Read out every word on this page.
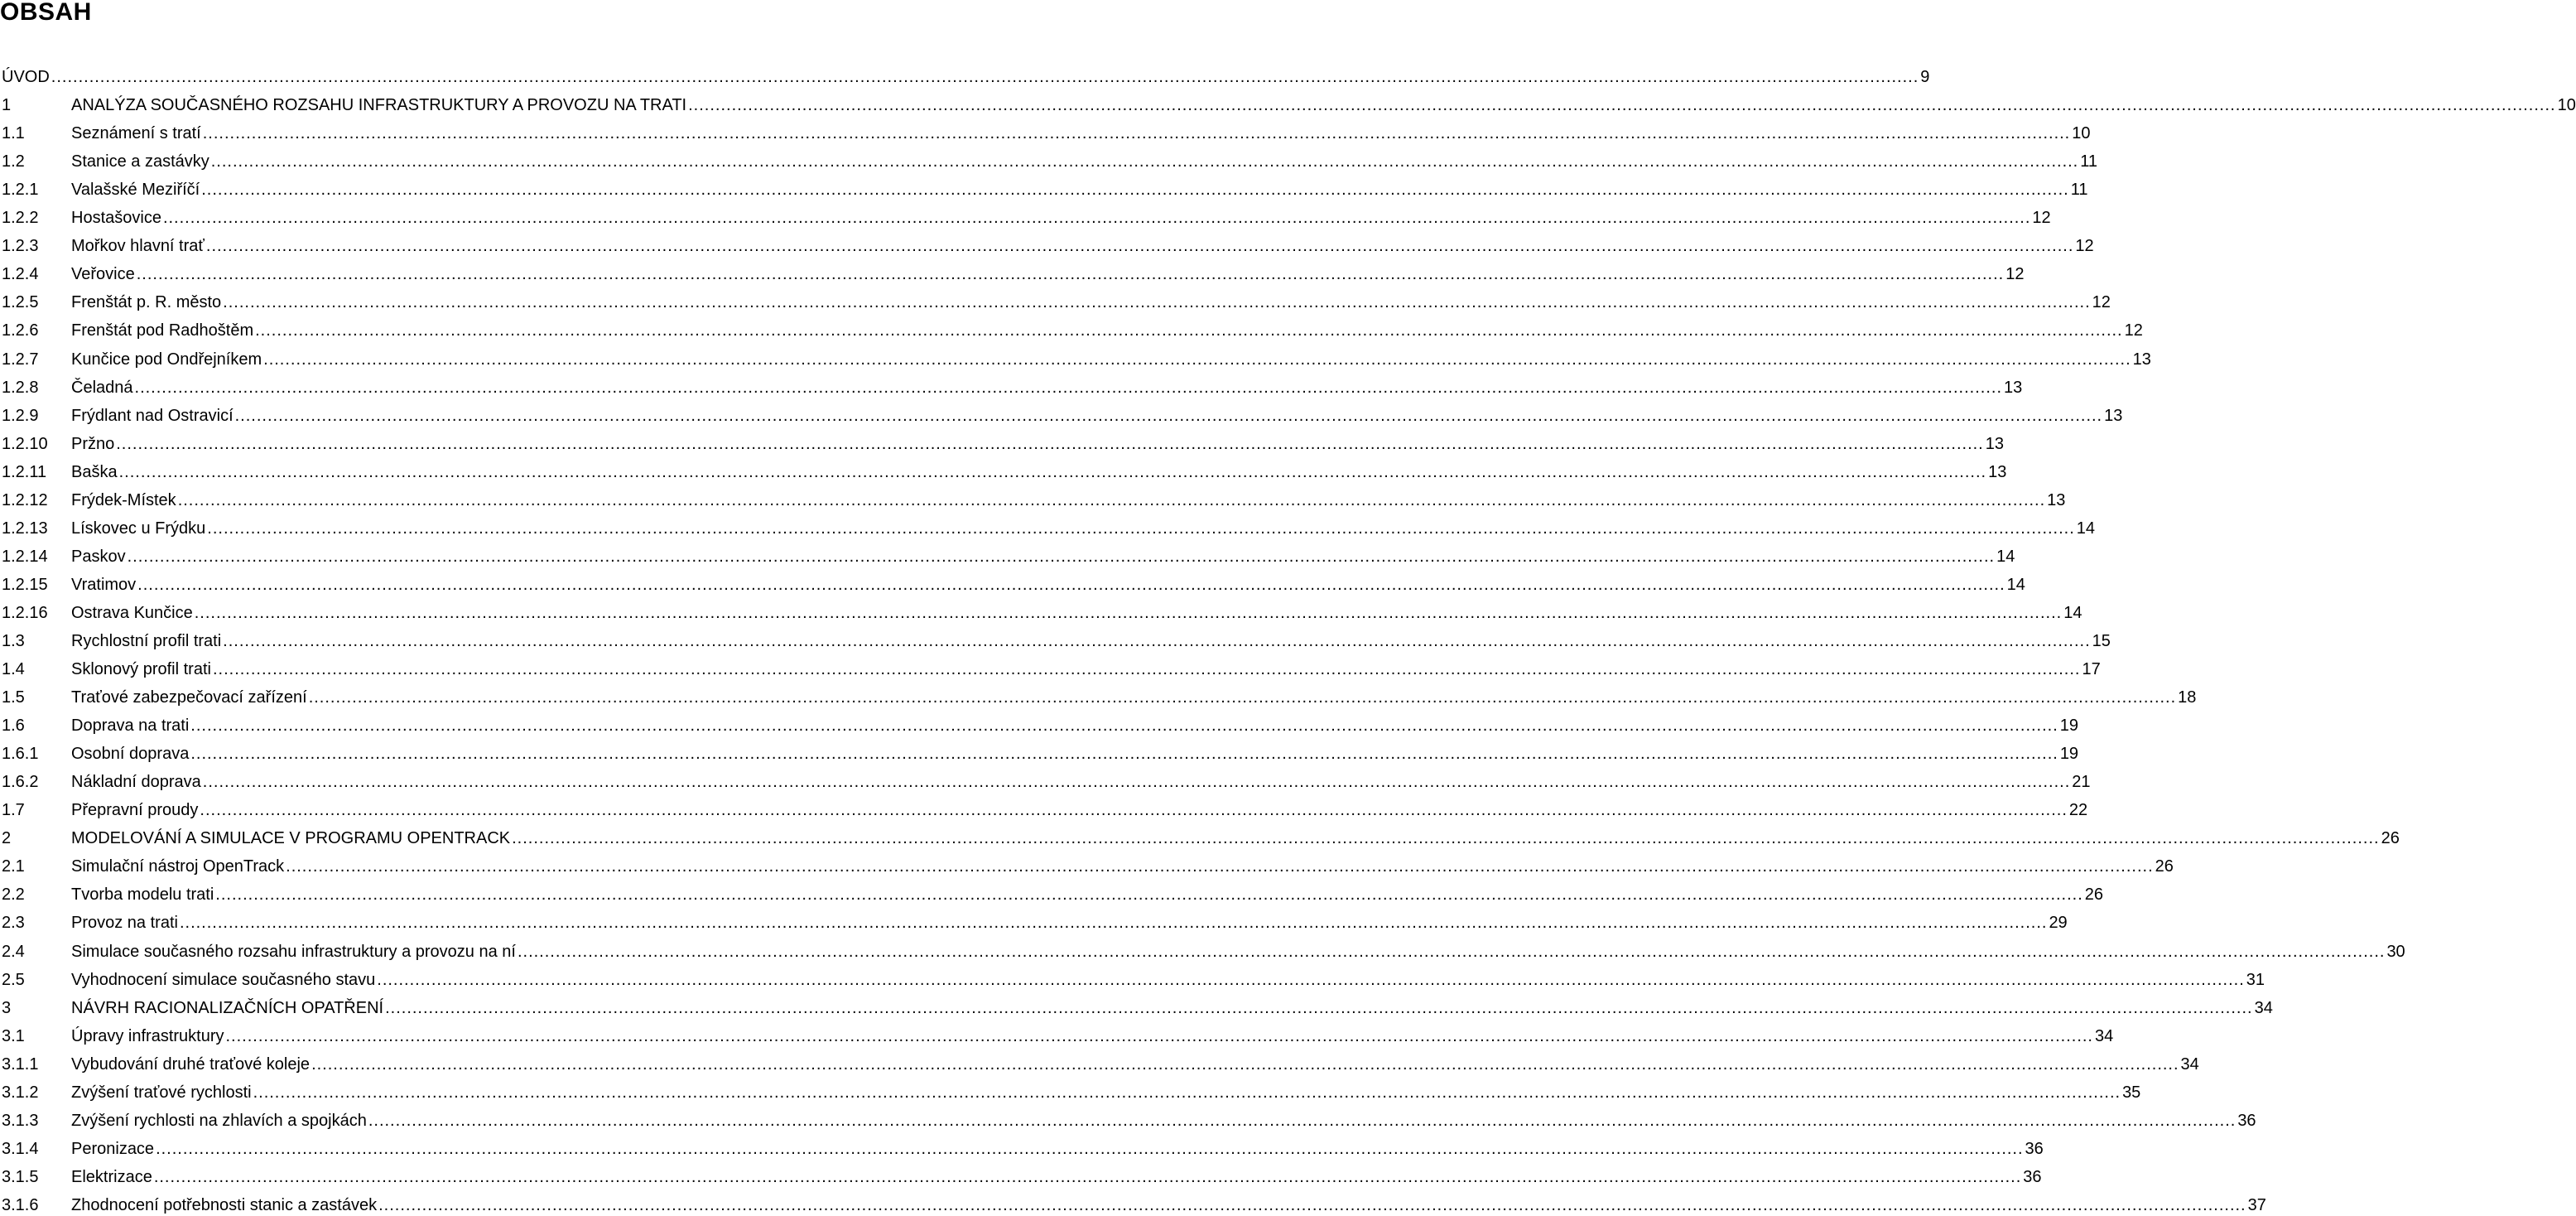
OBSAH
ÚVOD .....	9
1	ANALÝZA SOUČASNÉHO ROZSAHU INFRASTRUKTURY A PROVOZU NA TRATI .....	10
1.1	Seznámení s tratí .....	10
1.2	Stanice a zastávky .....	11
1.2.1	Valašské Meziříčí .....	11
1.2.2	Hostašovice .....	12
1.2.3	Mořkov hlavní trať .....	12
1.2.4	Veřovice .....	12
1.2.5	Frenštát p. R. město .....	12
1.2.6	Frenštát pod Radhoštěm .....	12
1.2.7	Kunčice pod Ondřejníkem .....	13
1.2.8	Čeladná .....	13
1.2.9	Frýdlant nad Ostravicí .....	13
1.2.10	Pržno .....	13
1.2.11	Baška .....	13
1.2.12	Frýdek-Místek .....	13
1.2.13	Lískovec u Frýdku .....	14
1.2.14	Paskov .....	14
1.2.15	Vratimov .....	14
1.2.16	Ostrava Kunčice .....	14
1.3	Rychlostní profil trati .....	15
1.4	Sklonový profil trati .....	17
1.5	Traťové zabezpečovací zařízení .....	18
1.6	Doprava na trati .....	19
1.6.1	Osobní doprava .....	19
1.6.2	Nákladní doprava .....	21
1.7	Přepravní proudy .....	22
2	MODELOVÁNÍ A SIMULACE V PROGRAMU OPENTRACK .....	26
2.1	Simulační nástroj OpenTrack .....	26
2.2	Tvorba modelu trati .....	26
2.3	Provoz na trati .....	29
2.4	Simulace současného rozsahu infrastruktury a provozu na ní .....	30
2.5	Vyhodnocení simulace současného stavu .....	31
3	NÁVRH RACIONALIZAČNÍCH OPATŘENÍ .....	34
3.1	Úpravy infrastruktury .....	34
3.1.1	Vybudování druhé traťové koleje .....	34
3.1.2	Zvýšení traťové rychlosti .....	35
3.1.3	Zvýšení rychlosti na zhlavích a spojkách .....	36
3.1.4	Peronizace .....	36
3.1.5	Elektrizace .....	36
3.1.6	Zhodnocení potřebnosti stanic a zastávek .....	37
